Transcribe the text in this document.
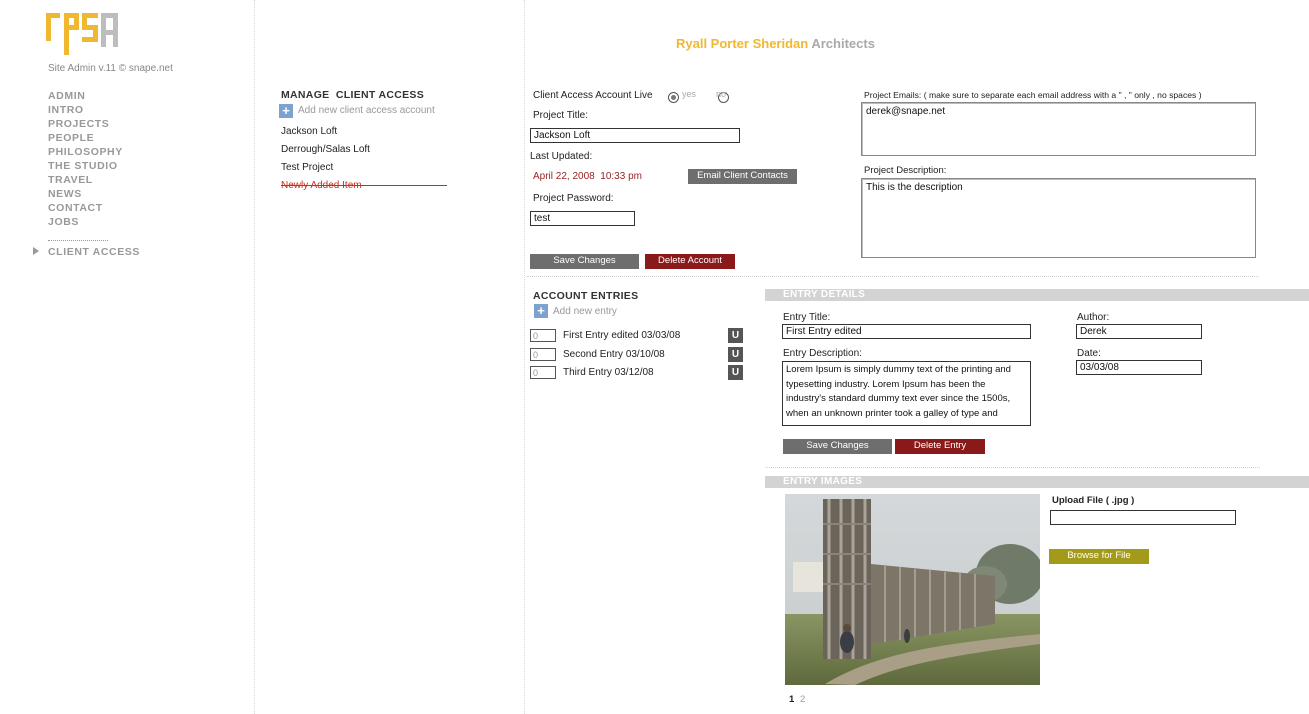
Site Admin v.11 © snape.net
ADMIN
INTRO
PROJECTS
PEOPLE
PHILOSOPHY
THE STUDIO
TRAVEL
NEWS
CONTACT
JOBS
CLIENT ACCESS
MANAGE  CLIENT ACCESS
+ Add new client access account
Jackson Loft
Derrough/Salas Loft
Test Project
Newly Added Item
Ryall Porter Sheridan Architects
Client Access Account Live
	yes
no
Project Title:
Jackson Loft
Last Updated:
April 22, 2008  10:33 pm	Email Client Contacts
Project Password:
test
Save Changes	Delete Account
Project Emails: ( make sure to separate each email address with a " , " only , no spaces )
derek@snape.net
Project Description:
This is the description
ACCOUNT ENTRIES
+ Add new entry
0
First Entry edited 03/03/08	U
0
Second Entry 03/10/08	U
0
Third Entry 03/12/08	U
ENTRY DETAILS
Entry Title:
First Entry edited	Author:
Derek
Entry Description:
Lorem Ipsum is simply dummy text of the printing and typesetting industry. Lorem Ipsum has been the industry's standard dummy text ever since the 1500s, when an unknown printer took a galley of type and	Date:
03/03/08
Save Changes	Delete Entry
ENTRY IMAGES
Upload File ( .jpg )
Browse for File
1 2
